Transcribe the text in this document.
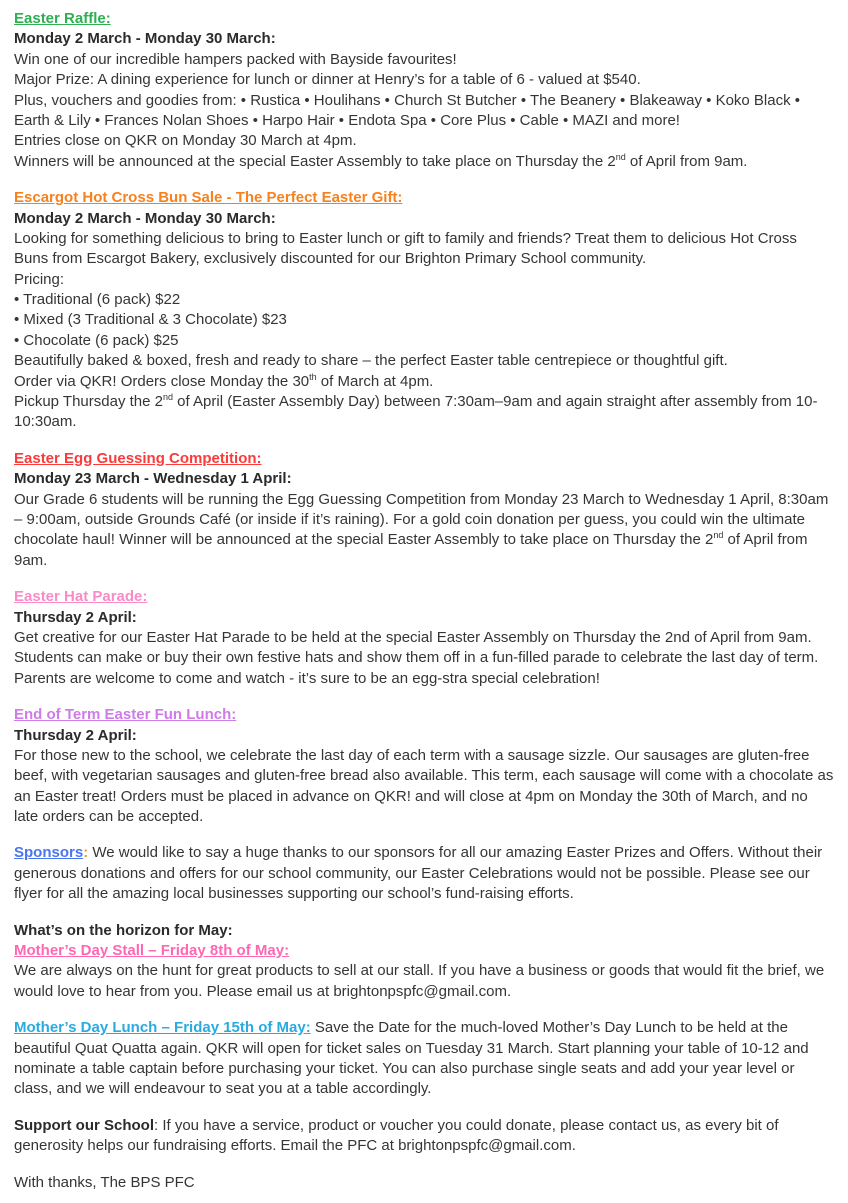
Easter Raffle:
Monday 2 March - Monday 30 March:
Win one of our incredible hampers packed with Bayside favourites!
Major Prize: A dining experience for lunch or dinner at Henry’s for a table of 6 - valued at $540.
Plus, vouchers and goodies from: • Rustica • Houlihans • Church St Butcher • The Beanery • Blakeaway • Koko Black • Earth & Lily • Frances Nolan Shoes • Harpo Hair • Endota Spa • Core Plus • Cable • MAZI and more!
Entries close on QKR on Monday 30 March at 4pm.
Winners will be announced at the special Easter Assembly to take place on Thursday the 2nd of April from 9am.
Escargot Hot Cross Bun Sale - The Perfect Easter Gift:
Monday 2 March - Monday 30 March:
Looking for something delicious to bring to Easter lunch or gift to family and friends? Treat them to delicious Hot Cross Buns from Escargot Bakery, exclusively discounted for our Brighton Primary School community.
Pricing:
• Traditional (6 pack) $22
• Mixed (3 Traditional & 3 Chocolate) $23
• Chocolate (6 pack) $25
Beautifully baked & boxed, fresh and ready to share – the perfect Easter table centrepiece or thoughtful gift.
Order via QKR! Orders close Monday the 30th of March at 4pm.
Pickup Thursday the 2nd of April (Easter Assembly Day) between 7:30am–9am and again straight after assembly from 10-10:30am.
Easter Egg Guessing Competition:
Monday 23 March - Wednesday 1 April:
Our Grade 6 students will be running the Egg Guessing Competition from Monday 23 March to Wednesday 1 April, 8:30am – 9:00am, outside Grounds Café (or inside if it’s raining). For a gold coin donation per guess, you could win the ultimate chocolate haul! Winner will be announced at the special Easter Assembly to take place on Thursday the 2nd of April from 9am.
Easter Hat Parade:
Thursday 2 April:
Get creative for our Easter Hat Parade to be held at the special Easter Assembly on Thursday the 2nd of April from 9am. Students can make or buy their own festive hats and show them off in a fun-filled parade to celebrate the last day of term. Parents are welcome to come and watch - it’s sure to be an egg-stra special celebration!
End of Term Easter Fun Lunch:
Thursday 2 April:
For those new to the school, we celebrate the last day of each term with a sausage sizzle. Our sausages are gluten-free beef, with vegetarian sausages and gluten-free bread also available. This term, each sausage will come with a chocolate as an Easter treat! Orders must be placed in advance on QKR! and will close at 4pm on Monday the 30th of March, and no late orders can be accepted.
Sponsors: We would like to say a huge thanks to our sponsors for all our amazing Easter Prizes and Offers. Without their generous donations and offers for our school community, our Easter Celebrations would not be possible. Please see our flyer for all the amazing local businesses supporting our school’s fund-raising efforts.
What’s on the horizon for May:
Mother’s Day Stall – Friday 8th of May:
We are always on the hunt for great products to sell at our stall. If you have a business or goods that would fit the brief, we would love to hear from you. Please email us at brightonpspfc@gmail.com.
Mother’s Day Lunch – Friday 15th of May: Save the Date for the much-loved Mother’s Day Lunch to be held at the beautiful Quat Quatta again. QKR will open for ticket sales on Tuesday 31 March. Start planning your table of 10-12 and nominate a table captain before purchasing your ticket. You can also purchase single seats and add your year level or class, and we will endeavour to seat you at a table accordingly.
Support our School: If you have a service, product or voucher you could donate, please contact us, as every bit of generosity helps our fundraising efforts. Email the PFC at brightonpspfc@gmail.com.
With thanks, The BPS PFC
